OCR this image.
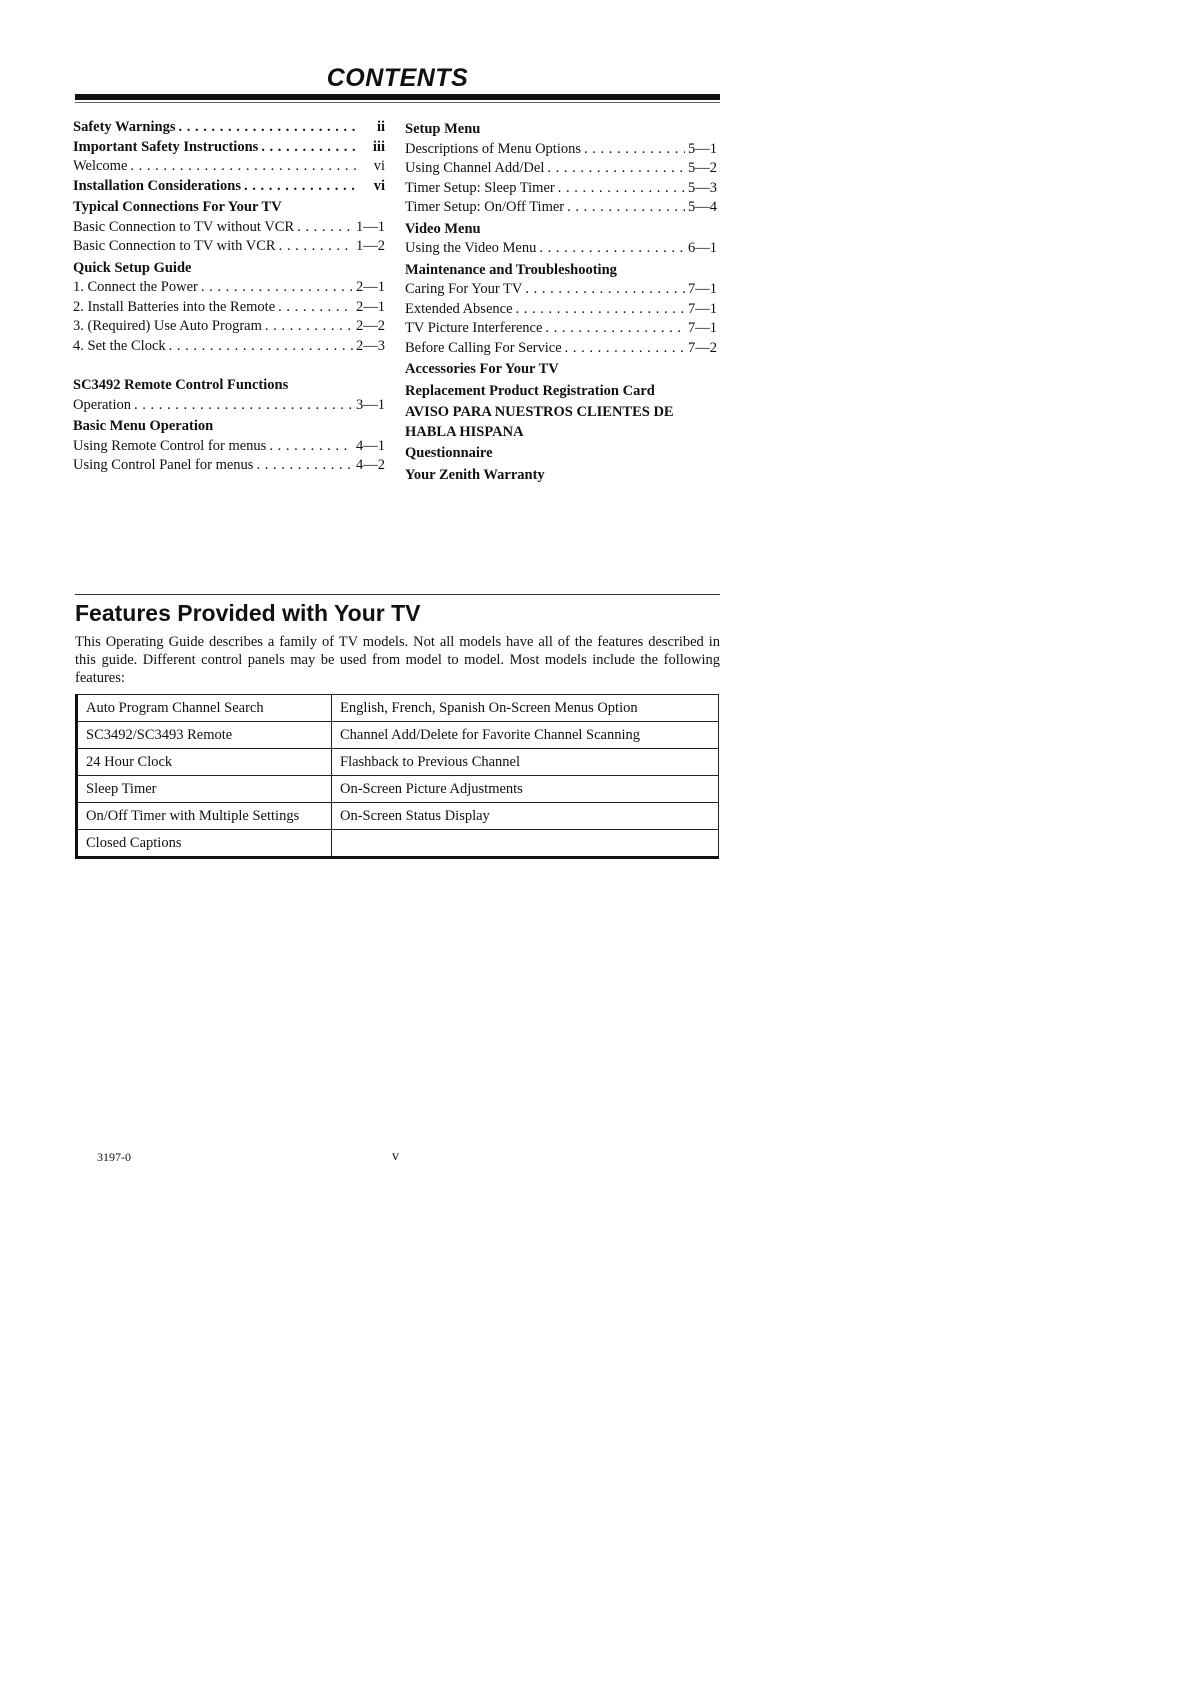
CONTENTS
Safety Warnings . . .	ii
Important Safety Instructions . . .	iii
Welcome . . .	vi
Installation Considerations . . .	vi
Typical Connections For Your TV
Basic Connection to TV without VCR . . .	1—1
Basic Connection to TV with VCR . . .	1—2
Quick Setup Guide
1. Connect the Power . . .	2—1
2. Install Batteries into the Remote . . .	2—1
3. (Required) Use Auto Program . . .	2—2
4. Set the Clock . . .	2—3
SC3492 Remote Control Functions
Operation . . .	3—1
Basic Menu Operation
Using Remote Control for menus . . .	4—1
Using Control Panel for menus . . .	4—2
Setup Menu
Descriptions of Menu Options . . .	5—1
Using Channel Add/Del . . .	5—2
Timer Setup: Sleep Timer . . .	5—3
Timer Setup: On/Off Timer . . .	5—4
Video Menu
Using the Video Menu . . .	6—1
Maintenance and Troubleshooting
Caring For Your TV . . .	7—1
Extended Absence . . .	7—1
TV Picture Interference . . .	7—1
Before Calling For Service . . .	7—2
Accessories For Your TV
Replacement Product Registration Card
AVISO PARA NUESTROS CLIENTES DE HABLA HISPANA
Questionnaire
Your Zenith Warranty
Features Provided with Your TV
This Operating Guide describes a family of TV models. Not all models have all of the features described in this guide. Different control panels may be used from model to model. Most models include the following features:
Auto Program Channel Search	English, French, Spanish On-Screen Menus Option
SC3492/SC3493 Remote	Channel Add/Delete for Favorite Channel Scanning
24 Hour Clock	Flashback to Previous Channel
Sleep Timer	On-Screen Picture Adjustments
On/Off Timer with Multiple Settings	On-Screen Status Display
Closed Captions	
3197-0	v
